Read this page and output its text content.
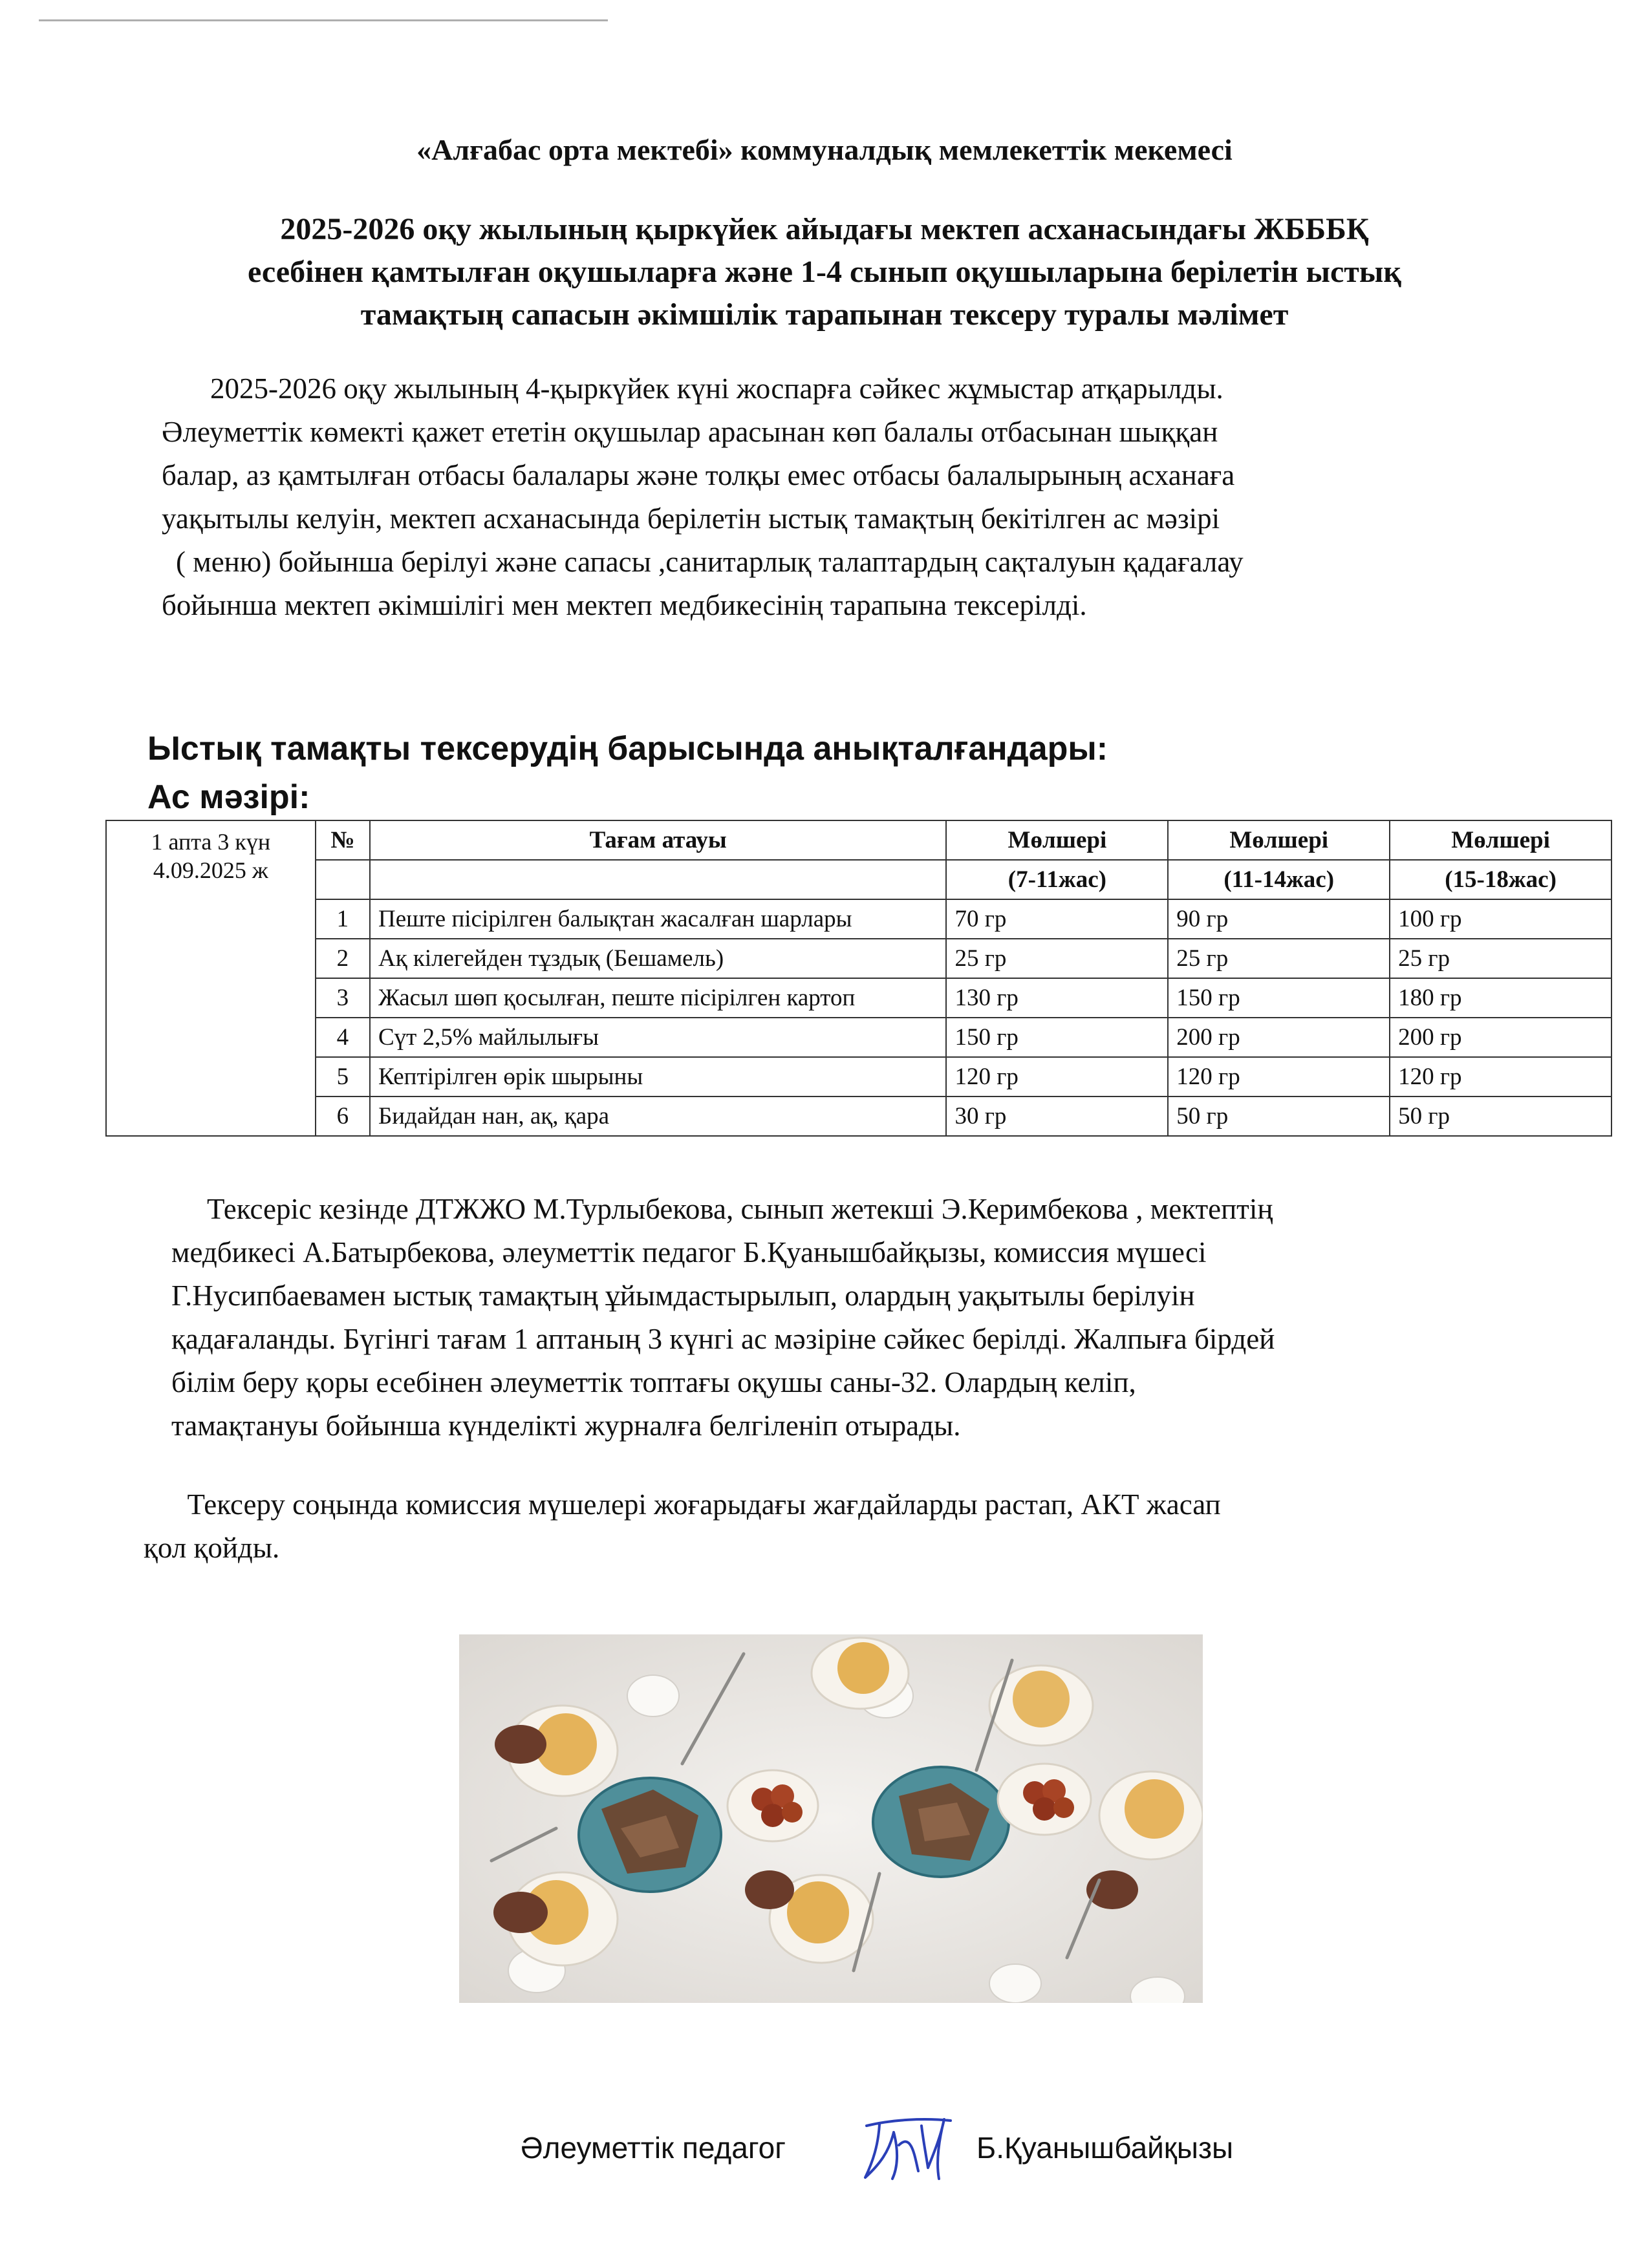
«Алғабас орта мектебі» коммуналдық мемлекеттік мекемесі
2025-2026 оқу жылының қыркүйек айыдағы мектеп асханасындағы ЖБББҚ
есебінен қамтылған оқушыларға және 1-4 сынып оқушыларына берілетін ыстық
тамақтың сапасын әкімшілік тарапынан тексеру туралы мәлімет

2025-2026 оқу жылының 4-қыркүйек күні жоспарға сәйкес жұмыстар атқарылды.
Әлеуметтік көмекті қажет ететін оқушылар арасынан көп балалы отбасынан шыққан
балар, аз қамтылған отбасы балалары және толқы емес отбасы балалырының асханаға
уақытылы келуін, мектеп асханасында берілетін ыстық тамақтың бекітілген ас мәзірі
( меню) бойынша берілуі және сапасы ,санитарлық талаптардың сақталуын қадағалау
бойынша мектеп әкімшілігі мен мектеп медбикесінің тарапына тексерілді.

Ыстық тамақты тексерудің барысында анықталғандары:
Ас мәзірі:
1 апта 3 күн
4.09.2025 ж	№	Тағам атауы	Мөлшері	Мөлшері	Мөлшері
			(7-11жас)	(11-14жас)	(15-18жас)
	1	Пеште пісірілген балықтан жасалған шарлары	70 гр	90 гр	100 гр
	2	Ақ кілегейден тұздық (Бешамель)	25 гр	25 гр	25 гр
	3	Жасыл шөп қосылған, пеште пісірілген картоп	130 гр	150 гр	180 гр
	4	Сүт 2,5% майлылығы	150 гр	200 гр	200 гр
	5	Кептірілген өрік шырыны	120 гр	120 гр	120 гр
	6	Бидайдан нан, ақ, қара	30 гр	50 гр	50 гр

Тексеріс кезінде ДТЖЖО М.Турлыбекова, сынып жетекші Э.Керимбекова , мектептің
медбикесі А.Батырбекова, әлеуметтік педагог Б.Қуанышбайқызы, комиссия мүшесі
Г.Нусипбаевамен ыстық тамақтың ұйымдастырылып, олардың уақытылы берілуін
қадағаланды. Бүгінгі тағам 1 аптаның 3 күнгі ас мәзіріне сәйкес берілді. Жалпыға бірдей
білім беру қоры есебінен әлеуметтік топтағы оқушы саны-32. Олардың келіп,
тамақтануы бойынша күнделікті журналға белгіленіп отырады.

Тексеру соңында комиссия мүшелері жоғарыдағы жағдайларды растап, АКТ жасап
қол қойды.

Әлеуметтік педагог	Б.Қуанышбайқызы
